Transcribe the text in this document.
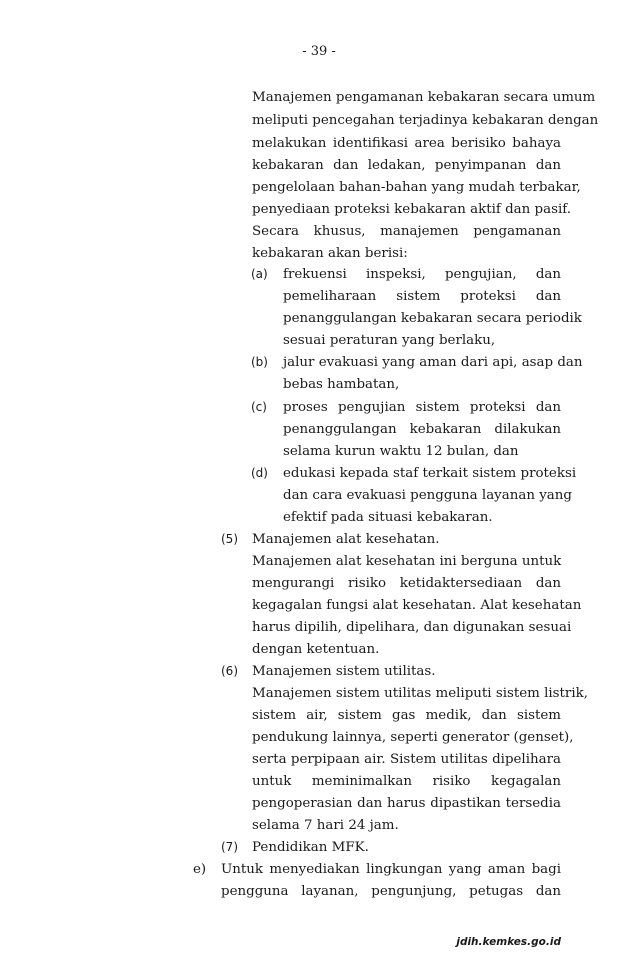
- 39 -
Manajemen pengamanan kebakaran secara umum
meliputi pencegahan terjadinya kebakaran dengan
melakukan identifikasi area berisiko bahaya
kebakaran dan ledakan, penyimpanan dan
pengelolaan bahan-bahan yang mudah terbakar,
penyediaan proteksi kebakaran aktif dan pasif.
Secara khusus, manajemen pengamanan
kebakaran akan berisi:
(a) frekuensi inspeksi, pengujian, dan
pemeliharaan sistem proteksi dan
penanggulangan kebakaran secara periodik
sesuai peraturan yang berlaku,
(b) jalur evakuasi yang aman dari api, asap dan
bebas hambatan,
(c) proses pengujian sistem proteksi dan
penanggulangan kebakaran dilakukan
selama kurun waktu 12 bulan, dan
(d) edukasi kepada staf terkait sistem proteksi
dan cara evakuasi pengguna layanan yang
efektif pada situasi kebakaran.
(5) Manajemen alat kesehatan.
Manajemen alat kesehatan ini berguna untuk
mengurangi risiko ketidaktersediaan dan
kegagalan fungsi alat kesehatan. Alat kesehatan
harus dipilih, dipelihara, dan digunakan sesuai
dengan ketentuan.
(6) Manajemen sistem utilitas.
Manajemen sistem utilitas meliputi sistem listrik,
sistem air, sistem gas medik, dan sistem
pendukung lainnya, seperti generator (genset),
serta perpipaan air. Sistem utilitas dipelihara
untuk meminimalkan risiko kegagalan
pengoperasian dan harus dipastikan tersedia
selama 7 hari 24 jam.
(7) Pendidikan MFK.
e) Untuk menyediakan lingkungan yang aman bagi
pengguna layanan, pengunjung, petugas dan
jdih.kemkes.go.id
